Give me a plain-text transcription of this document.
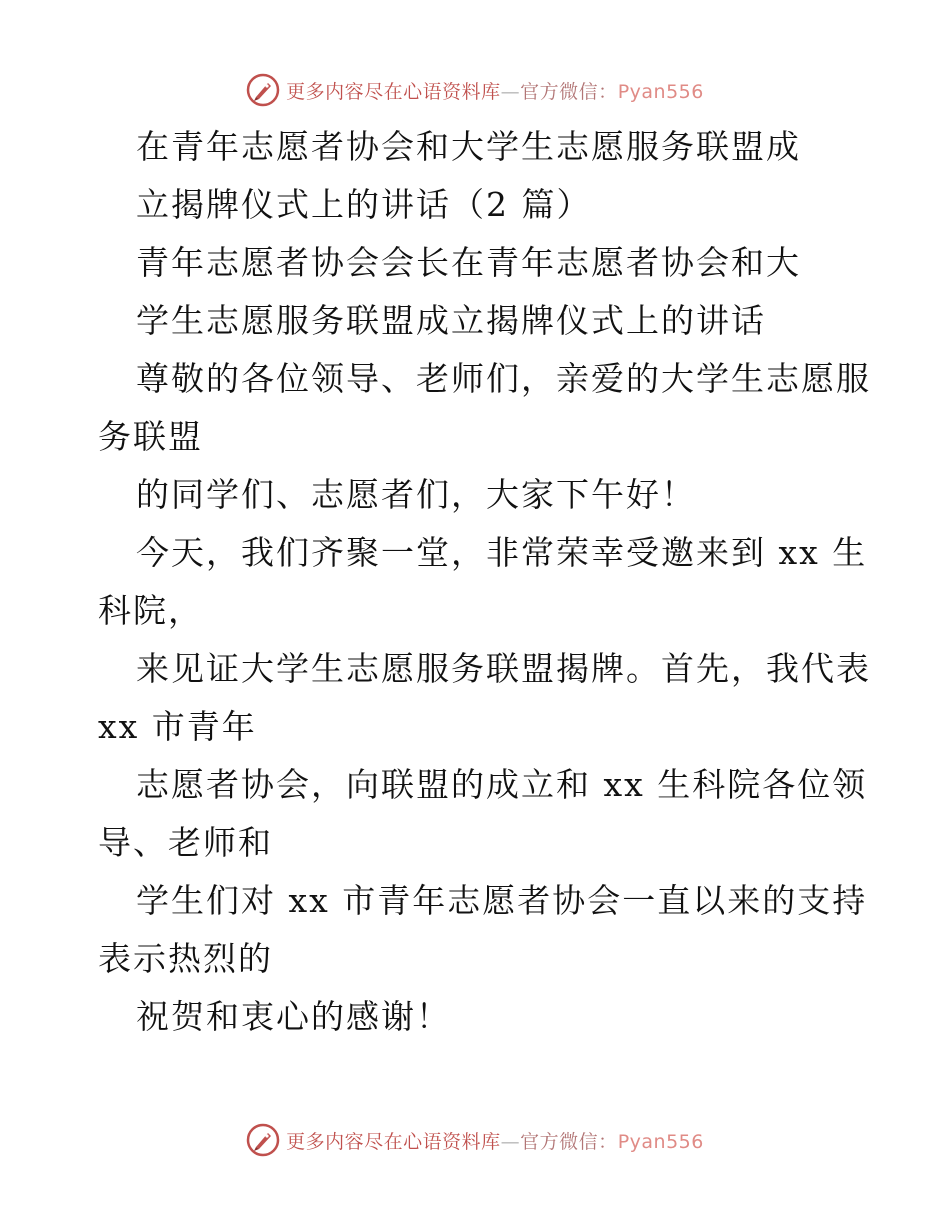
更多内容尽在心语资料库—官方微信：Pyan556
在青年志愿者协会和大学生志愿服务联盟成
立揭牌仪式上的讲话（2 篇）
青年志愿者协会会长在青年志愿者协会和大
学生志愿服务联盟成立揭牌仪式上的讲话
尊敬的各位领导、老师们，亲爱的大学生志愿服
务联盟
的同学们、志愿者们，大家下午好！
今天，我们齐聚一堂，非常荣幸受邀来到 xx 生
科院，
来见证大学生志愿服务联盟揭牌。首先，我代表
xx 市青年
志愿者协会，向联盟的成立和 xx 生科院各位领
导、老师和
学生们对 xx 市青年志愿者协会一直以来的支持
表示热烈的
祝贺和衷心的感谢！
更多内容尽在心语资料库—官方微信：Pyan556
